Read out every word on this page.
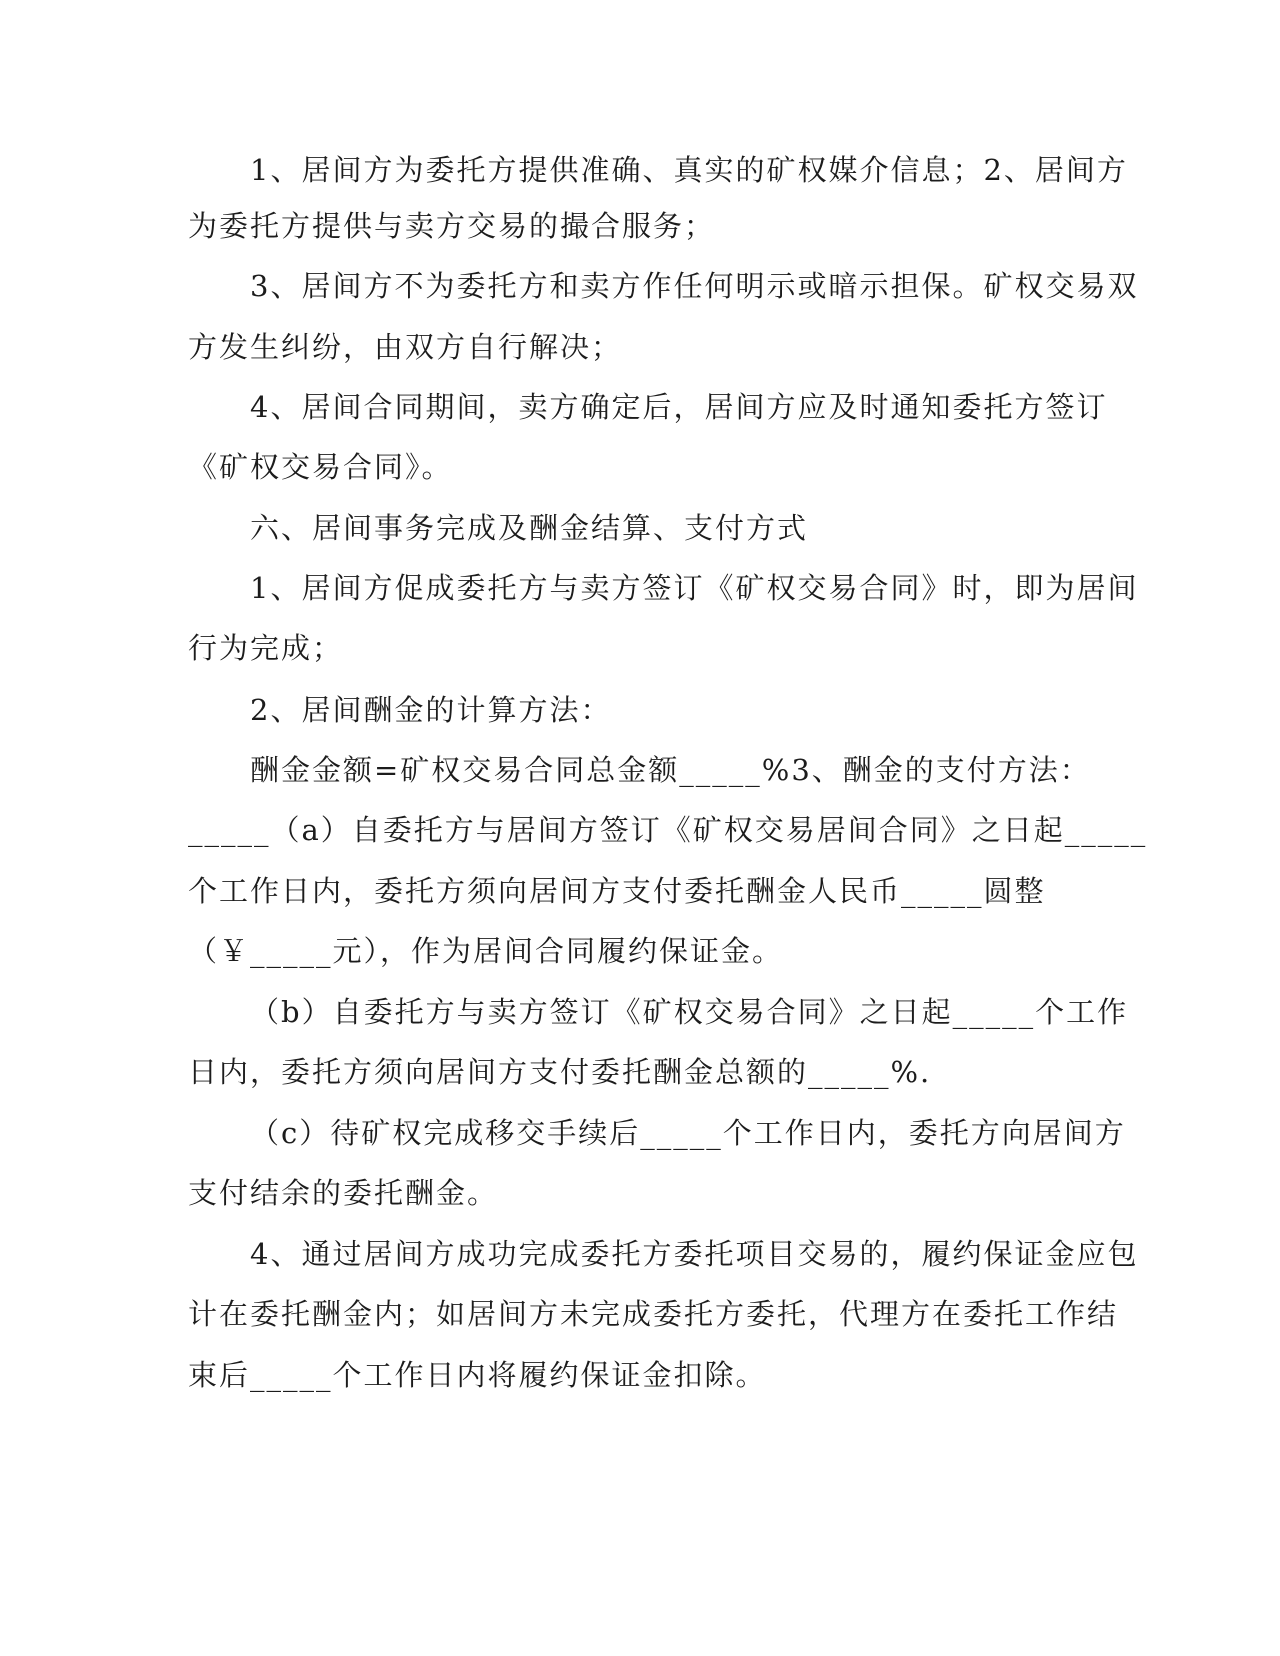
1、居间方为委托方提供准确、真实的矿权媒介信息；2、居间方
为委托方提供与卖方交易的撮合服务；
3、居间方不为委托方和卖方作任何明示或暗示担保。矿权交易双
方发生纠纷，由双方自行解决；
4、居间合同期间，卖方确定后，居间方应及时通知委托方签订
《矿权交易合同》。
六、居间事务完成及酬金结算、支付方式
1、居间方促成委托方与卖方签订《矿权交易合同》时，即为居间
行为完成；
2、居间酬金的计算方法：
酬金金额=矿权交易合同总金额_____%3、酬金的支付方法：
_____（a）自委托方与居间方签订《矿权交易居间合同》之日起_____
个工作日内，委托方须向居间方支付委托酬金人民币_____圆整
（￥_____元），作为居间合同履约保证金。
（b）自委托方与卖方签订《矿权交易合同》之日起_____个工作
日内，委托方须向居间方支付委托酬金总额的_____%.
（c）待矿权完成移交手续后_____个工作日内，委托方向居间方
支付结余的委托酬金。
4、通过居间方成功完成委托方委托项目交易的，履约保证金应包
计在委托酬金内；如居间方未完成委托方委托，代理方在委托工作结
束后_____个工作日内将履约保证金扣除。
